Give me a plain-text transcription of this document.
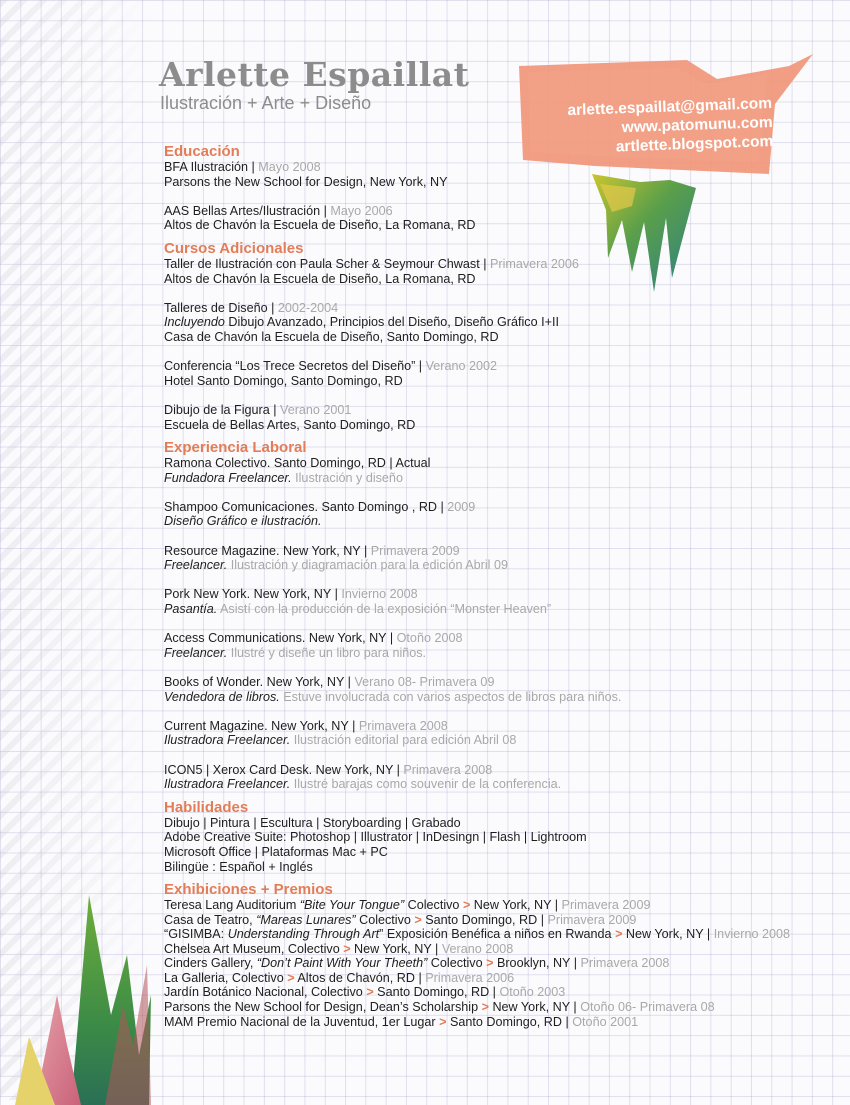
Arlette Espaillat
Ilustración + Arte + Diseño	arlette.espaillat@gmail.com
www.patomunu.com
artlette.blogspot.com
Educación
BFA Ilustración | Mayo 2008
Parsons the New School for Design, New York, NY
AAS Bellas Artes/Ilustración | Mayo 2006
Altos de Chavón la Escuela de Diseño, La Romana, RD
Cursos Adicionales
Taller de Ilustración con Paula Scher & Seymour Chwast | Primavera 2006
Altos de Chavón la Escuela de Diseño, La Romana, RD
Talleres de Diseño | 2002-2004
Incluyendo Dibujo Avanzado, Principios del Diseño, Diseño Gráfico I+II
Casa de Chavón la Escuela de Diseño, Santo Domingo, RD
Conferencia “Los Trece Secretos del Diseño” | Verano 2002
Hotel Santo Domingo, Santo Domingo, RD
Dibujo de la Figura | Verano 2001
Escuela de Bellas Artes, Santo Domingo, RD
Experiencia Laboral
Ramona Colectivo. Santo Domingo, RD | Actual
Fundadora Freelancer. Ilustración y diseño
Shampoo Comunicaciones. Santo Domingo , RD | 2009
Diseño Gráfico e ilustración.
Resource Magazine. New York, NY | Primavera 2009
Freelancer. Ilustración y diagramación para la edición Abril 09
Pork New York. New York, NY | Invierno 2008
Pasantía. Asistí con la producción de la exposición “Monster Heaven”
Access Communications. New York, NY | Otoño 2008
Freelancer. Ilustré y diseñe un libro para niños.
Books of Wonder. New York, NY | Verano 08- Primavera 09
Vendedora de libros. Estuve involucrada con varios aspectos de libros para niños.
Current Magazine. New York, NY | Primavera 2008
Ilustradora Freelancer. Ilustración editorial para edición Abril 08
ICON5 | Xerox Card Desk. New York, NY | Primavera 2008
Ilustradora Freelancer. Ilustré barajas como souvenir de la conferencia.
Habilidades
Dibujo | Pintura | Escultura | Storyboarding | Grabado
Adobe Creative Suite: Photoshop | Illustrator | InDesingn | Flash | Lightroom
Microsoft Office | Plataformas Mac + PC
Bilingüe : Español + Inglés
Exhibiciones + Premios
Teresa Lang Auditorium “Bite Your Tongue” Colectivo > New York, NY | Primavera 2009
Casa de Teatro, “Mareas Lunares” Colectivo > Santo Domingo, RD | Primavera 2009
“GISIMBA: Understanding Through Art” Exposición Benéfica a niños en Rwanda > New York, NY | Invierno 2008
Chelsea Art Museum, Colectivo > New York, NY | Verano 2008
Cinders Gallery, “Don’t Paint With Your Theeth” Colectivo > Brooklyn, NY | Primavera 2008
La Galleria, Colectivo > Altos de Chavón, RD | Primavera 2006
Jardín Botánico Nacional, Colectivo > Santo Domingo, RD | Otoño 2003
Parsons the New School for Design, Dean’s Scholarship > New York, NY | Otoño 06- Primavera 08
MAM Premio Nacional de la Juventud, 1er Lugar > Santo Domingo, RD | Otoño 2001
